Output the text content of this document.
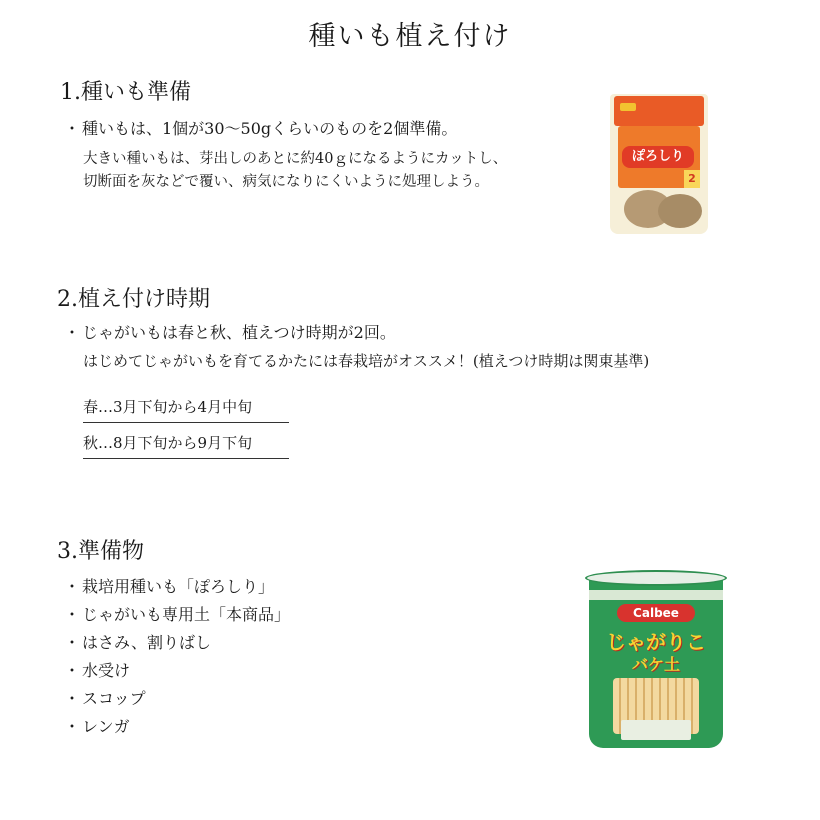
種いも植え付け
1.種いも準備
・ 種いもは、1個が30〜50gくらいのものを2個準備。
大きい種いもは、芽出しのあとに約40ｇになるようにカットし、
切断面を灰などで覆い、病気になりにくいように処理しよう。
ぽろしり
2
2.植え付け時期
・ じゃがいもは春と秋、植えつけ時期が2回。
はじめてじゃがいもを育てるかたには春栽培がオススメ！(植えつけ時期は関東基準)
春…3月下旬から4月中旬
秋…8月下旬から9月下旬
3.準備物
・ 栽培用種いも「ぽろしり」
・ じゃがいも専用土「本商品」
・ はさみ、割りばし
・ 水受け
・ スコップ
・ レンガ
Calbee
じゃがりこ
バケ土
